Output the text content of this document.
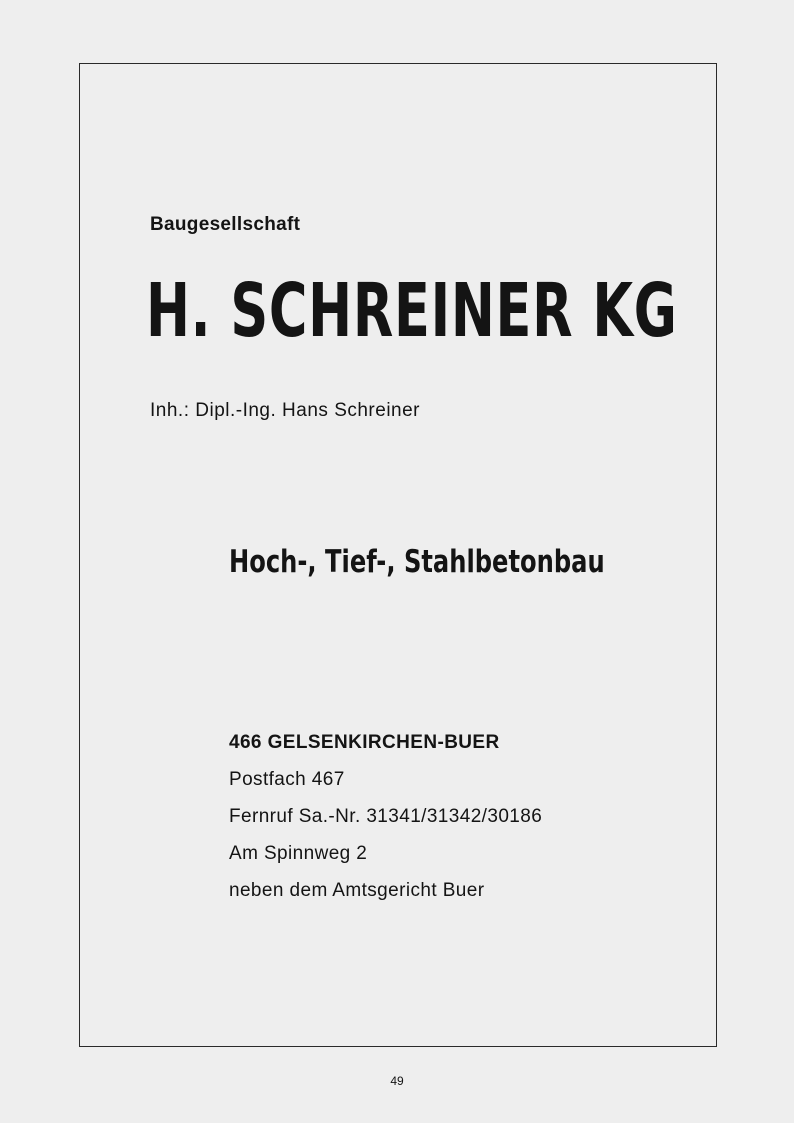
Baugesellschaft
H. SCHREINER KG
Inh.: Dipl.-Ing. Hans Schreiner
Hoch-, Tief-, Stahlbetonbau
466 GELSENKIRCHEN-BUER
Postfach 467
Fernruf Sa.-Nr. 31341/31342/30186
Am Spinnweg 2
neben dem Amtsgericht Buer
49
